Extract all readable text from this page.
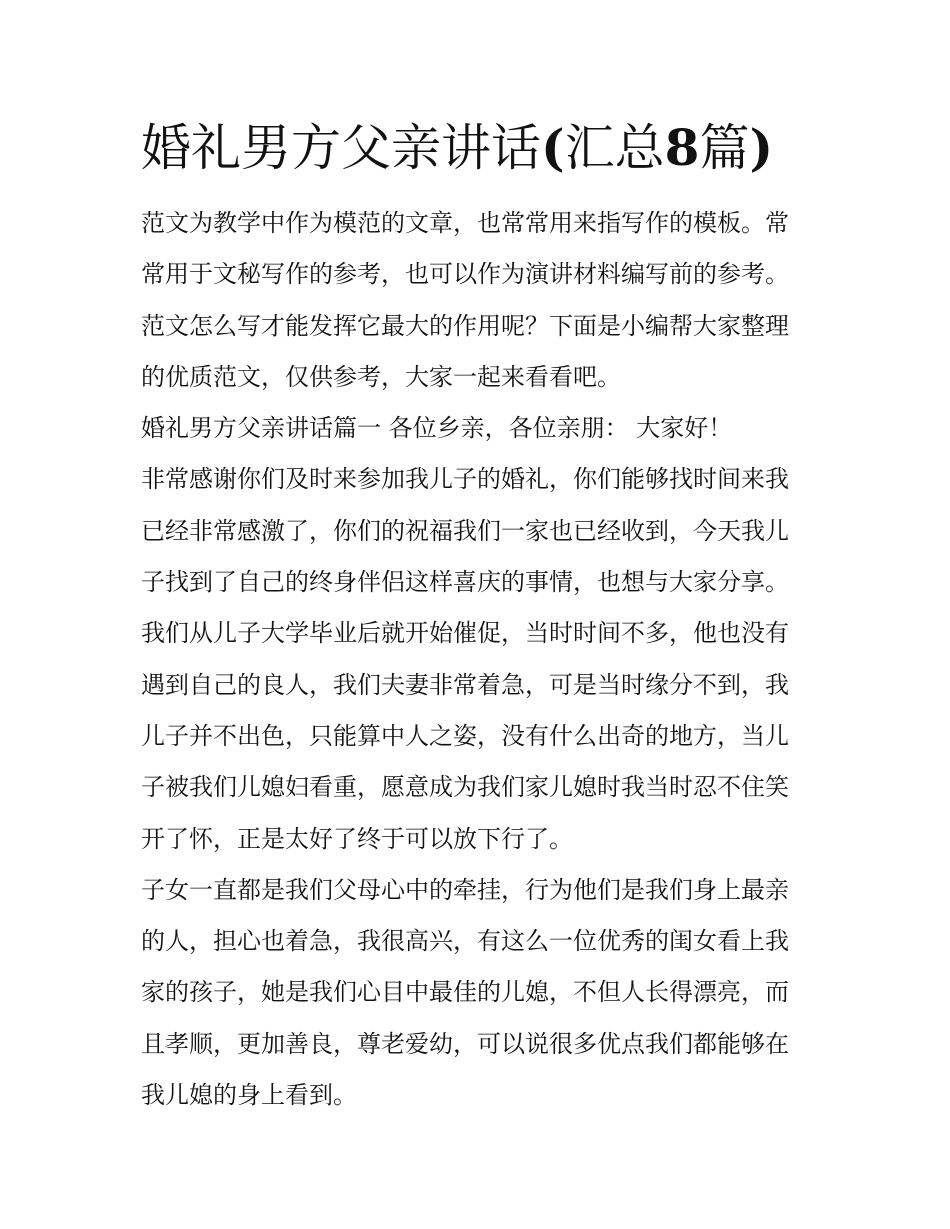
婚礼男方父亲讲话(汇总8篇)
范文为教学中作为模范的文章，也常常用来指写作的模板。常
常用于文秘写作的参考，也可以作为演讲材料编写前的参考。
范文怎么写才能发挥它最大的作用呢？下面是小编帮大家整理
的优质范文，仅供参考，大家一起来看看吧。
婚礼男方父亲讲话篇一 各位乡亲，各位亲朋： 大家好！
非常感谢你们及时来参加我儿子的婚礼，你们能够找时间来我
已经非常感激了，你们的祝福我们一家也已经收到，今天我儿
子找到了自己的终身伴侣这样喜庆的事情，也想与大家分享。
我们从儿子大学毕业后就开始催促，当时时间不多，他也没有
遇到自己的良人，我们夫妻非常着急，可是当时缘分不到，我
儿子并不出色，只能算中人之姿，没有什么出奇的地方，当儿
子被我们儿媳妇看重，愿意成为我们家儿媳时我当时忍不住笑
开了怀，正是太好了终于可以放下行了。
子女一直都是我们父母心中的牵挂，行为他们是我们身上最亲
的人，担心也着急，我很高兴，有这么一位优秀的闺女看上我
家的孩子，她是我们心目中最佳的儿媳，不但人长得漂亮，而
且孝顺，更加善良，尊老爱幼，可以说很多优点我们都能够在
我儿媳的身上看到。
